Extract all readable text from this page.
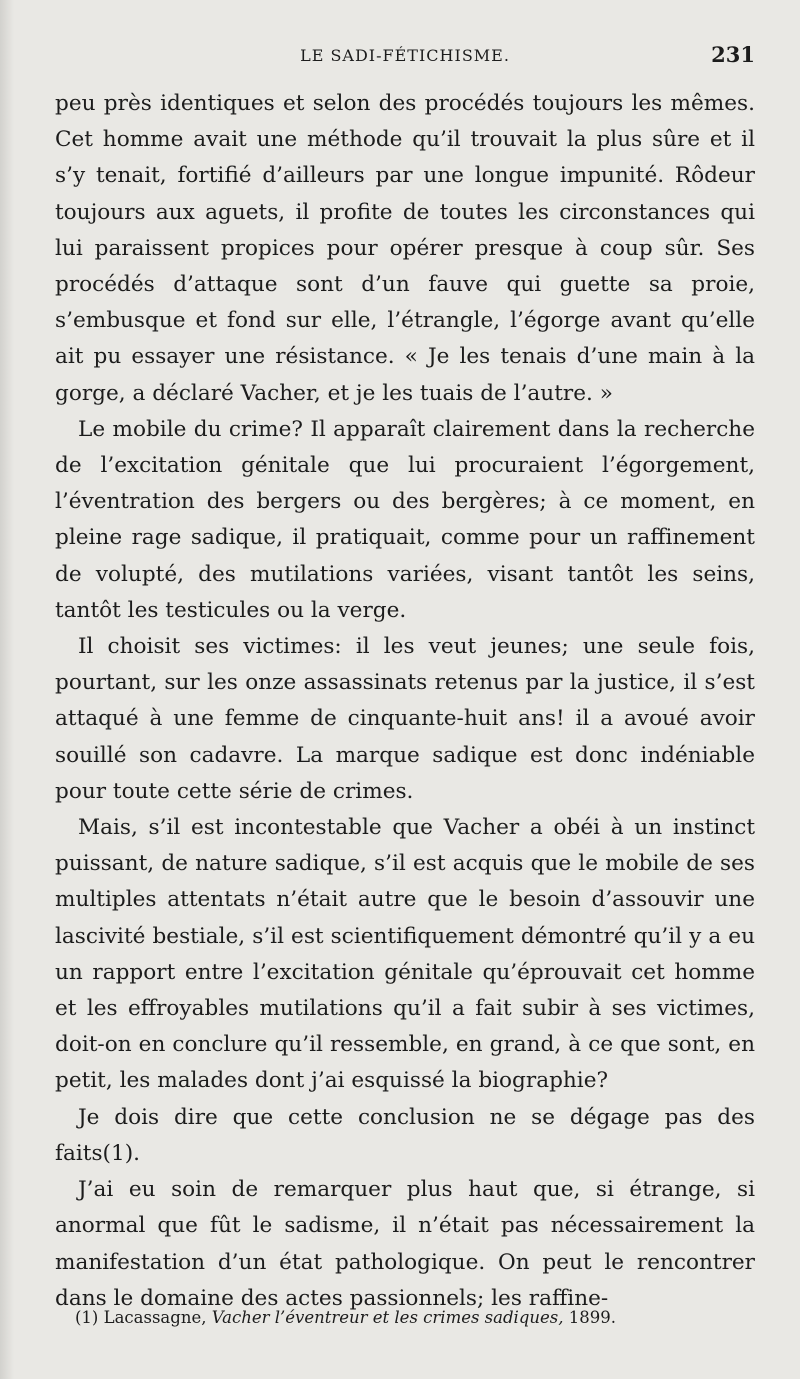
LE SADI-FÉTICHISME.	231

peu près identiques et selon des procédés toujours les mêmes. Cet homme avait une méthode qu’il trouvait la plus sûre et il s’y tenait, fortifié d’ailleurs par une longue impunité. Rôdeur toujours aux aguets, il profite de toutes les circonstances qui lui paraissent propices pour opérer presque à coup sûr. Ses procédés d’attaque sont d’un fauve qui guette sa proie, s’embusque et fond sur elle, l’étrangle, l’égorge avant qu’elle ait pu essayer une résistance. « Je les tenais d’une main à la gorge, a déclaré Vacher, et je les tuais de l’autre. »

Le mobile du crime? Il apparaît clairement dans la recherche de l’excitation génitale que lui procuraient l’égorgement, l’éventration des bergers ou des bergères; à ce moment, en pleine rage sadique, il pratiquait, comme pour un raffinement de volupté, des mutilations variées, visant tantôt les seins, tantôt les testicules ou la verge.

Il choisit ses victimes: il les veut jeunes; une seule fois, pourtant, sur les onze assassinats retenus par la justice, il s’est attaqué à une femme de cinquante-huit ans! il a avoué avoir souillé son cadavre. La marque sadique est donc indéniable pour toute cette série de crimes.

Mais, s’il est incontestable que Vacher a obéi à un instinct puissant, de nature sadique, s’il est acquis que le mobile de ses multiples attentats n’était autre que le besoin d’assouvir une lascivité bestiale, s’il est scientifiquement démontré qu’il y a eu un rapport entre l’excitation génitale qu’éprouvait cet homme et les effroyables mutilations qu’il a fait subir à ses victimes, doit-on en conclure qu’il ressemble, en grand, à ce que sont, en petit, les malades dont j’ai esquissé la biographie?

Je dois dire que cette conclusion ne se dégage pas des faits(1).

J’ai eu soin de remarquer plus haut que, si étrange, si anormal que fût le sadisme, il n’était pas nécessairement la manifestation d’un état pathologique. On peut le rencontrer dans le domaine des actes passionnels; les raffine-

(1) Lacassagne, Vacher l’éventreur et les crimes sadiques, 1899.
